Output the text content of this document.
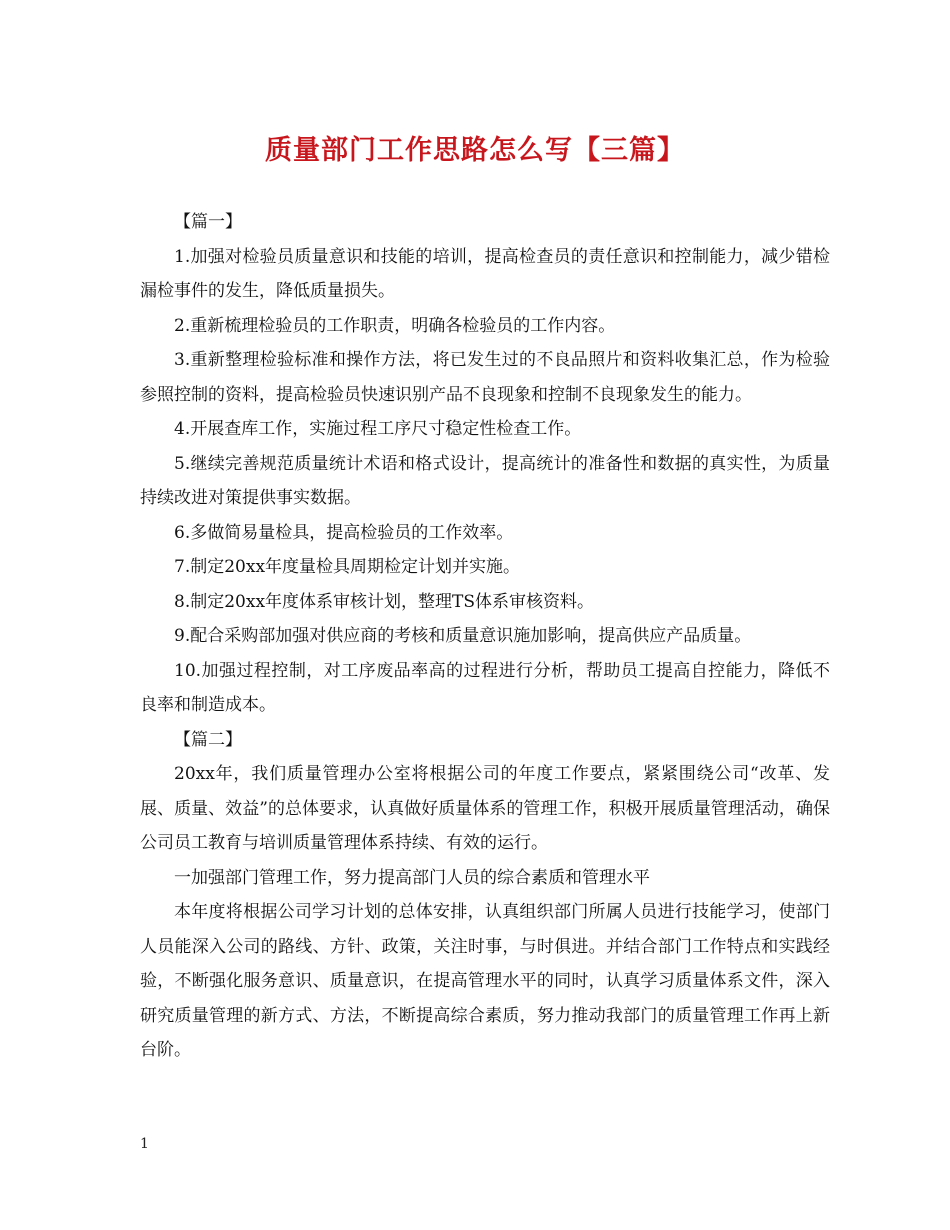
质量部门工作思路怎么写【三篇】

【篇一】

1.加强对检验员质量意识和技能的培训，提高检查员的责任意识和控制能力，减少错检漏检事件的发生，降低质量损失。

2.重新梳理检验员的工作职责，明确各检验员的工作内容。

3.重新整理检验标准和操作方法，将已发生过的不良品照片和资料收集汇总，作为检验参照控制的资料，提高检验员快速识别产品不良现象和控制不良现象发生的能力。

4.开展查库工作，实施过程工序尺寸稳定性检查工作。

5.继续完善规范质量统计术语和格式设计，提高统计的准备性和数据的真实性，为质量持续改进对策提供事实数据。

6.多做简易量检具，提高检验员的工作效率。

7.制定20xx年度量检具周期检定计划并实施。

8.制定20xx年度体系审核计划，整理TS体系审核资料。

9.配合采购部加强对供应商的考核和质量意识施加影响，提高供应产品质量。

10.加强过程控制，对工序废品率高的过程进行分析，帮助员工提高自控能力，降低不良率和制造成本。

【篇二】

20xx年，我们质量管理办公室将根据公司的年度工作要点，紧紧围绕公司“改革、发展、质量、效益”的总体要求，认真做好质量体系的管理工作，积极开展质量管理活动，确保公司员工教育与培训质量管理体系持续、有效的运行。

一加强部门管理工作，努力提高部门人员的综合素质和管理水平

本年度将根据公司学习计划的总体安排，认真组织部门所属人员进行技能学习，使部门人员能深入公司的路线、方针、政策，关注时事，与时俱进。并结合部门工作特点和实践经验，不断强化服务意识、质量意识，在提高管理水平的同时，认真学习质量体系文件，深入研究质量管理的新方式、方法，不断提高综合素质，努力推动我部门的质量管理工作再上新台阶。

1
